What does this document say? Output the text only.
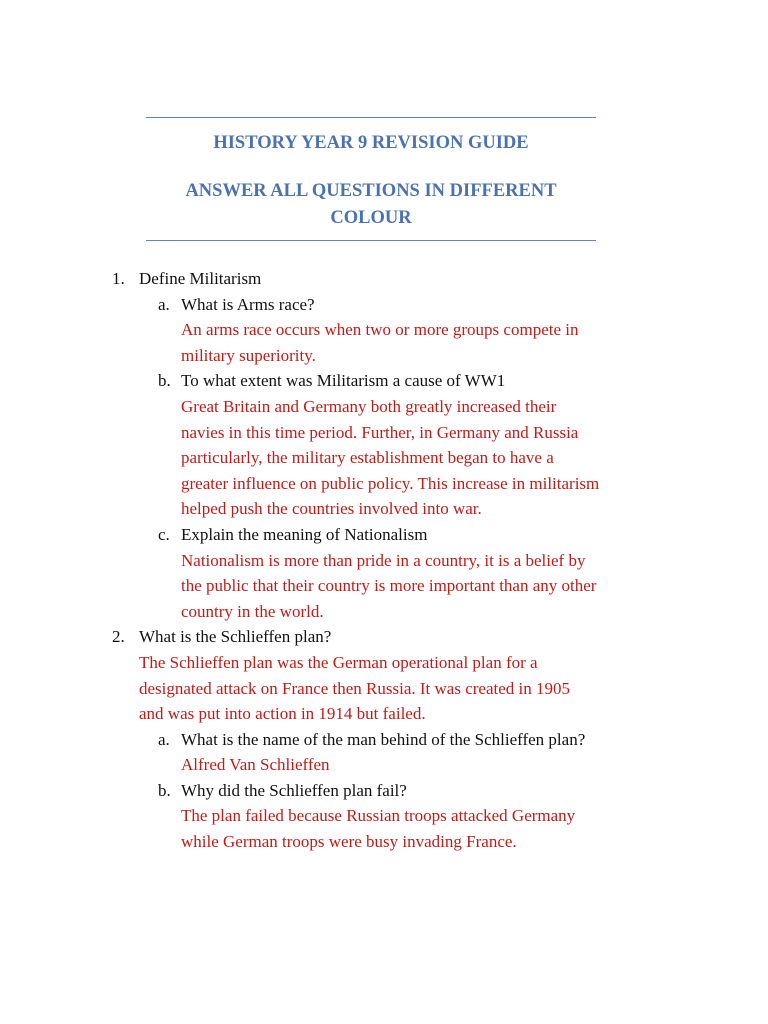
HISTORY YEAR 9 REVISION GUIDE
ANSWER ALL QUESTIONS IN DIFFERENT
COLOUR
1. Define Militarism
a. What is Arms race?
An arms race occurs when two or more groups compete in
military superiority.
b. To what extent was Militarism a cause of WW1
Great Britain and Germany both greatly increased their
navies in this time period. Further, in Germany and Russia
particularly, the military establishment began to have a
greater influence on public policy. This increase in militarism
helped push the countries involved into war.
c. Explain the meaning of Nationalism
Nationalism is more than pride in a country, it is a belief by
the public that their country is more important than any other
country in the world.
2. What is the Schlieffen plan?
The Schlieffen plan was the German operational plan for a
designated attack on France then Russia. It was created in 1905
and was put into action in 1914 but failed.
a. What is the name of the man behind of the Schlieffen plan?
Alfred Van Schlieffen
b. Why did the Schlieffen plan fail?
The plan failed because Russian troops attacked Germany
while German troops were busy invading France.
